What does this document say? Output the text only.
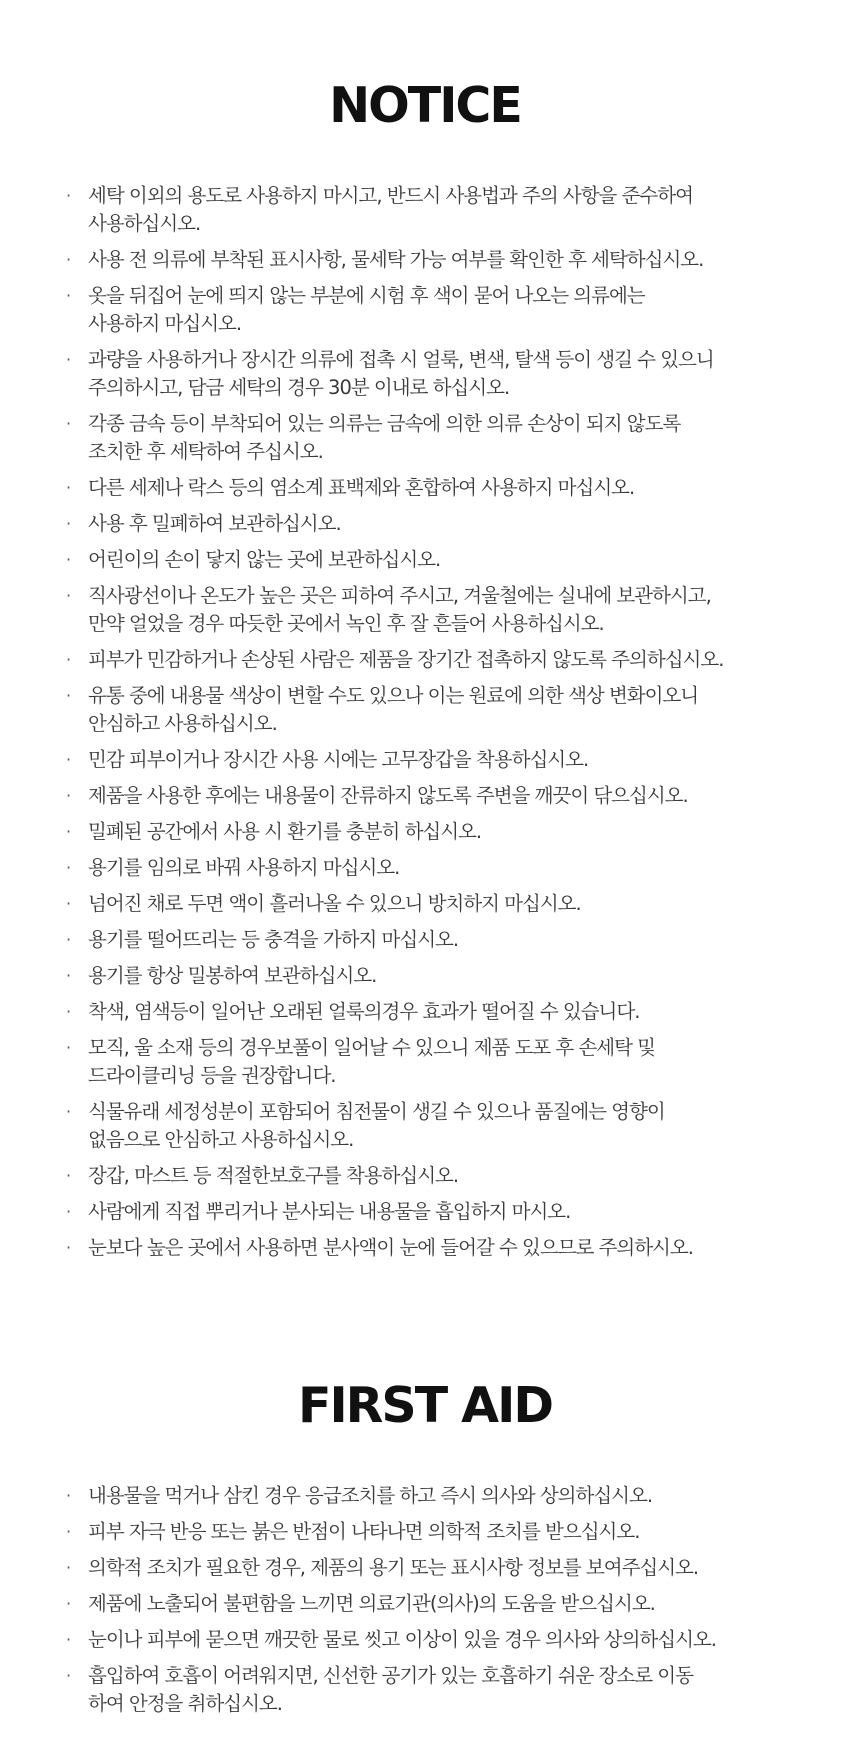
NOTICE
· 세탁 이외의 용도로 사용하지 마시고, 반드시 사용법과 주의 사항을 준수하여
사용하십시오.
· 사용 전 의류에 부착된 표시사항, 물세탁 가능 여부를 확인한 후 세탁하십시오.
· 옷을 뒤집어 눈에 띄지 않는 부분에 시험 후 색이 묻어 나오는 의류에는
사용하지 마십시오.
· 과량을 사용하거나 장시간 의류에 접촉 시 얼룩, 변색, 탈색 등이 생길 수 있으니
주의하시고, 담금 세탁의 경우 30분 이내로 하십시오.
· 각종 금속 등이 부착되어 있는 의류는 금속에 의한 의류 손상이 되지 않도록
조치한 후 세탁하여 주십시오.
· 다른 세제나 락스 등의 염소계 표백제와 혼합하여 사용하지 마십시오.
· 사용 후 밀폐하여 보관하십시오.
· 어린이의 손이 닿지 않는 곳에 보관하십시오.
· 직사광선이나 온도가 높은 곳은 피하여 주시고, 겨울철에는 실내에 보관하시고,
만약 얼었을 경우 따듯한 곳에서 녹인 후 잘 흔들어 사용하십시오.
· 피부가 민감하거나 손상된 사람은 제품을 장기간 접촉하지 않도록 주의하십시오.
· 유통 중에 내용물 색상이 변할 수도 있으나 이는 원료에 의한 색상 변화이오니
안심하고 사용하십시오.
· 민감 피부이거나 장시간 사용 시에는 고무장갑을 착용하십시오.
· 제품을 사용한 후에는 내용물이 잔류하지 않도록 주변을 깨끗이 닦으십시오.
· 밀폐된 공간에서 사용 시 환기를 충분히 하십시오.
· 용기를 임의로 바꿔 사용하지 마십시오.
· 넘어진 채로 두면 액이 흘러나올 수 있으니 방치하지 마십시오.
· 용기를 떨어뜨리는 등 충격을 가하지 마십시오.
· 용기를 항상 밀봉하여 보관하십시오.
· 착색, 염색등이 일어난 오래된 얼룩의경우 효과가 떨어질 수 있습니다.
· 모직, 울 소재 등의 경우보풀이 일어날 수 있으니 제품 도포 후 손세탁 및
드라이클리닝 등을 권장합니다.
· 식물유래 세정성분이 포함되어 침전물이 생길 수 있으나 품질에는 영향이
없음으로 안심하고 사용하십시오.
· 장갑, 마스트 등 적절한보호구를 착용하십시오.
· 사람에게 직접 뿌리거나 분사되는 내용물을 흡입하지 마시오.
· 눈보다 높은 곳에서 사용하면 분사액이 눈에 들어갈 수 있으므로 주의하시오.
FIRST AID
· 내용물을 먹거나 삼킨 경우 응급조치를 하고 즉시 의사와 상의하십시오.
· 피부 자극 반응 또는 붉은 반점이 나타나면 의학적 조치를 받으십시오.
· 의학적 조치가 필요한 경우, 제품의 용기 또는 표시사항 정보를 보여주십시오.
· 제품에 노출되어 불편함을 느끼면 의료기관(의사)의 도움을 받으십시오.
· 눈이나 피부에 묻으면 깨끗한 물로 씻고 이상이 있을 경우 의사와 상의하십시오.
· 흡입하여 호흡이 어려워지면, 신선한 공기가 있는 호흡하기 쉬운 장소로 이동
하여 안정을 취하십시오.
